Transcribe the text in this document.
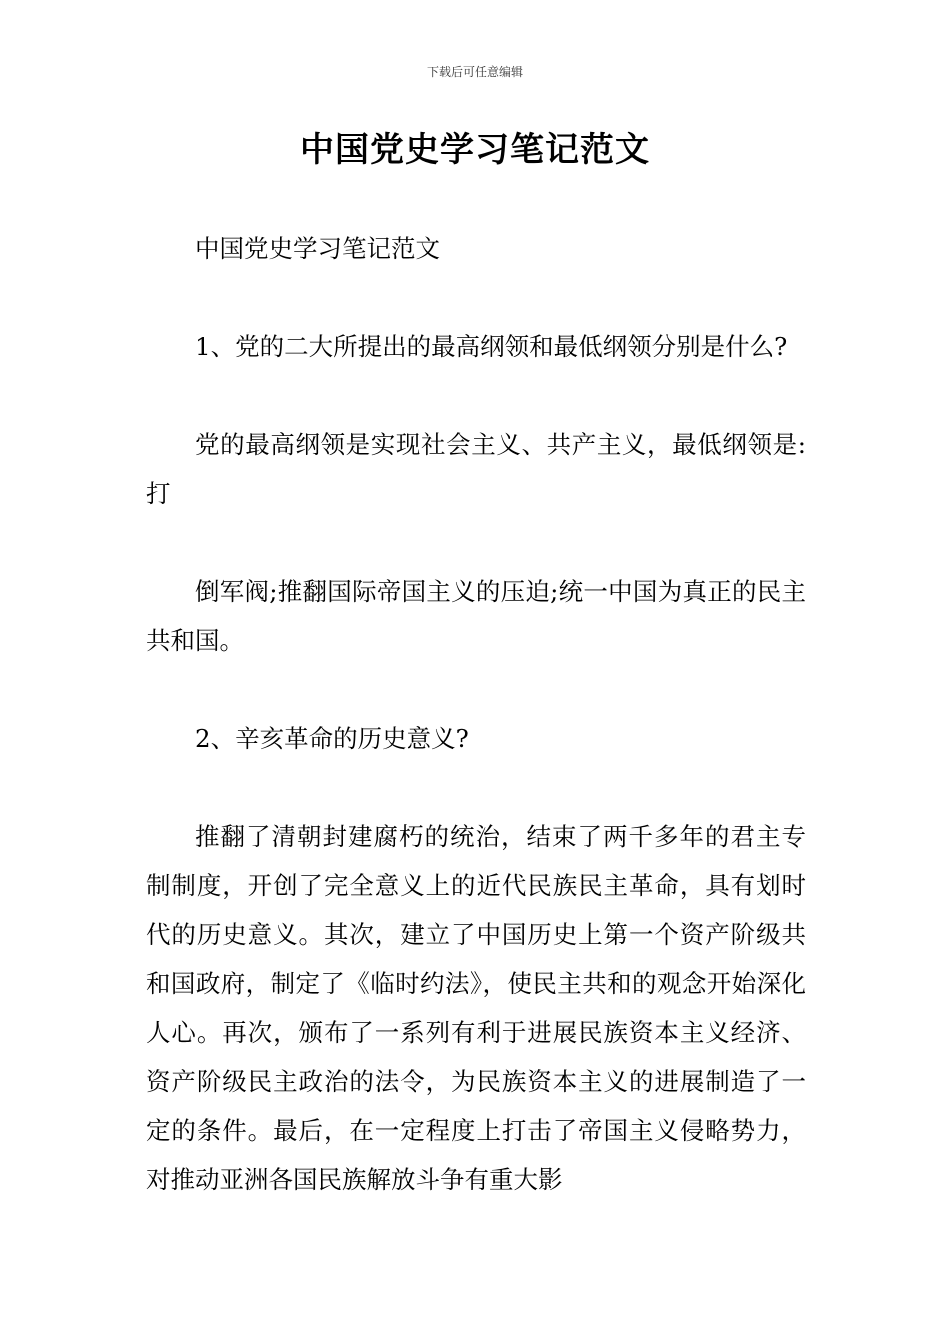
下载后可任意编辑
中国党史学习笔记范文

中国党史学习笔记范文

1、党的二大所提出的最高纲领和最低纲领分别是什么?

党的最高纲领是实现社会主义、共产主义，最低纲领是:打

倒军阀;推翻国际帝国主义的压迫;统一中国为真正的民主共和国。

2、辛亥革命的历史意义?

推翻了清朝封建腐朽的统治，结束了两千多年的君主专制制度，开创了完全意义上的近代民族民主革命，具有划时代的历史意义。其次，建立了中国历史上第一个资产阶级共和国政府，制定了《临时约法》，使民主共和的观念开始深化人心。再次，颁布了一系列有利于进展民族资本主义经济、资产阶级民主政治的法令，为民族资本主义的进展制造了一定的条件。最后，在一定程度上打击了帝国主义侵略势力，对推动亚洲各国民族解放斗争有重大影
